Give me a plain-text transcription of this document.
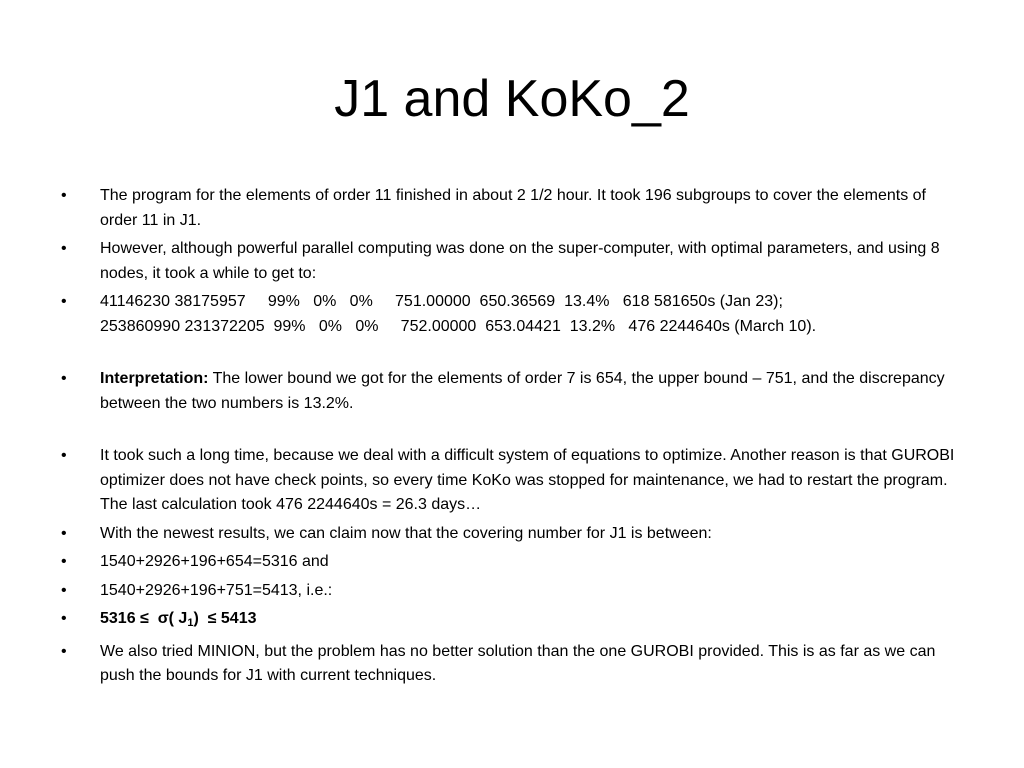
J1 and KoKo_2
•	The program for the elements of order 11 finished in about 2 1/2 hour. It took 196 subgroups to cover the elements of order 11 in J1.
•	However, although powerful parallel computing was done on the super-computer, with optimal parameters, and using 8 nodes, it took a while to get to:
•	41146230 38175957     99%   0%   0%     751.00000  650.36569  13.4%   618 581650s (Jan 23);
253860990 231372205  99%   0%   0%     752.00000  653.04421  13.2%   476 2244640s (March 10).
•	Interpretation: The lower bound we got for the elements of order 7 is 654, the upper bound – 751, and the discrepancy between the two numbers is 13.2%.
•	It took such a long time, because we deal with a difficult system of equations to optimize. Another reason is that GUROBI optimizer does not have check points, so every time KoKo was stopped for maintenance, we had to restart the program. The last calculation took 476 2244640s = 26.3 days…
•	With the newest results, we can claim now that the covering number for J1 is between:
•	1540+2926+196+654=5316 and
•	1540+2926+196+751=5413, i.e.:
•	5316 ≤  σ( $J_1) \le 5413$
•	We also tried MINION, but the problem has no better solution than the one GUROBI provided. This is as far as we can push the bounds for J1 with current techniques.
